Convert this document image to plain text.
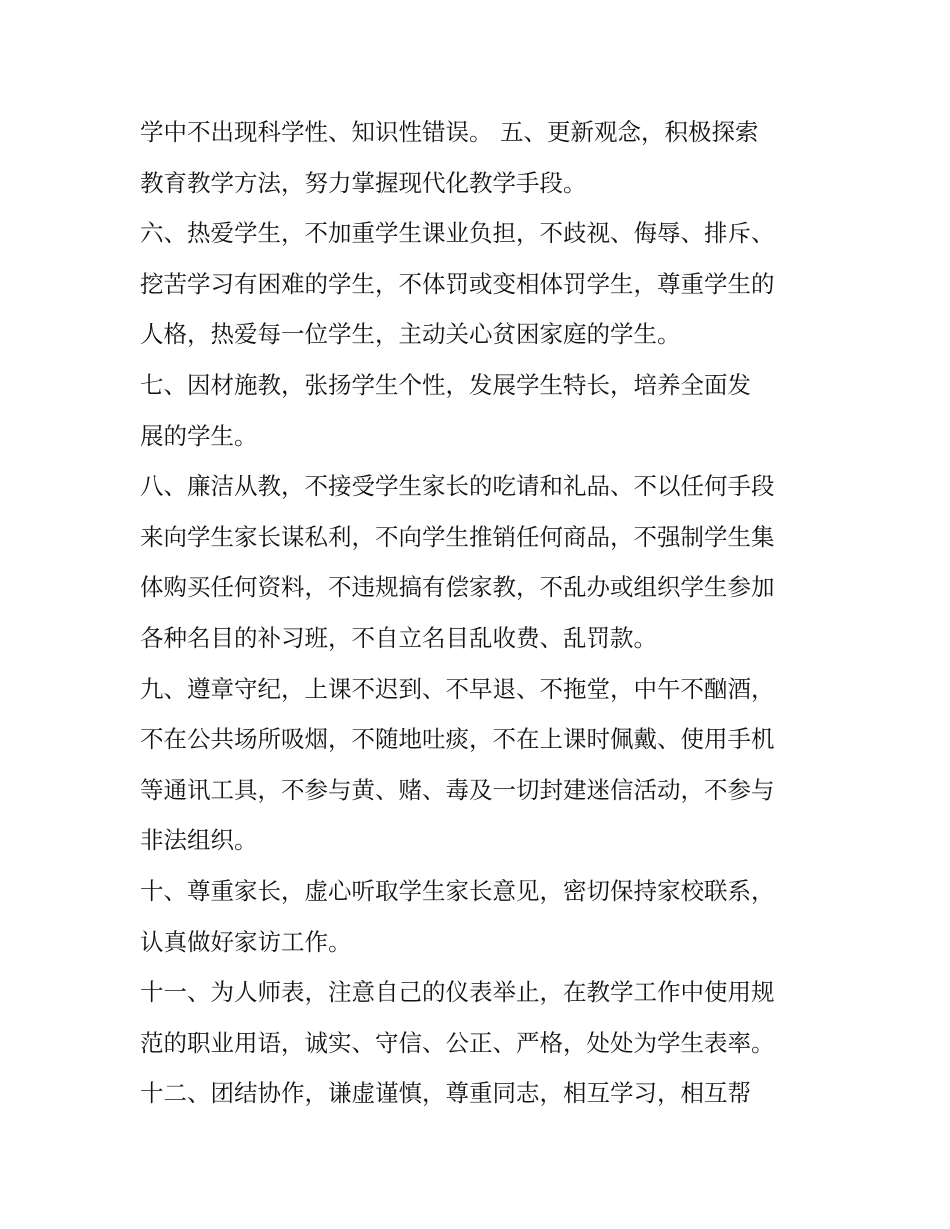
学中不出现科学性、知识性错误。 五、更新观念，积极探索
教育教学方法，努力掌握现代化教学手段。
六、热爱学生，不加重学生课业负担，不歧视、侮辱、排斥、
挖苦学习有困难的学生，不体罚或变相体罚学生，尊重学生的
人格，热爱每一位学生，主动关心贫困家庭的学生。
七、因材施教，张扬学生个性，发展学生特长，培养全面发
展的学生。
八、廉洁从教，不接受学生家长的吃请和礼品、不以任何手段
来向学生家长谋私利，不向学生推销任何商品，不强制学生集
体购买任何资料，不违规搞有偿家教，不乱办或组织学生参加
各种名目的补习班，不自立名目乱收费、乱罚款。
九、遵章守纪，上课不迟到、不早退、不拖堂，中午不酗酒，
不在公共场所吸烟，不随地吐痰，不在上课时佩戴、使用手机
等通讯工具，不参与黄、赌、毒及一切封建迷信活动，不参与
非法组织。
十、尊重家长，虚心听取学生家长意见，密切保持家校联系，
认真做好家访工作。
十一、为人师表，注意自己的仪表举止，在教学工作中使用规
范的职业用语，诚实、守信、公正、严格，处处为学生表率。
十二、团结协作，谦虚谨慎，尊重同志，相互学习，相互帮
